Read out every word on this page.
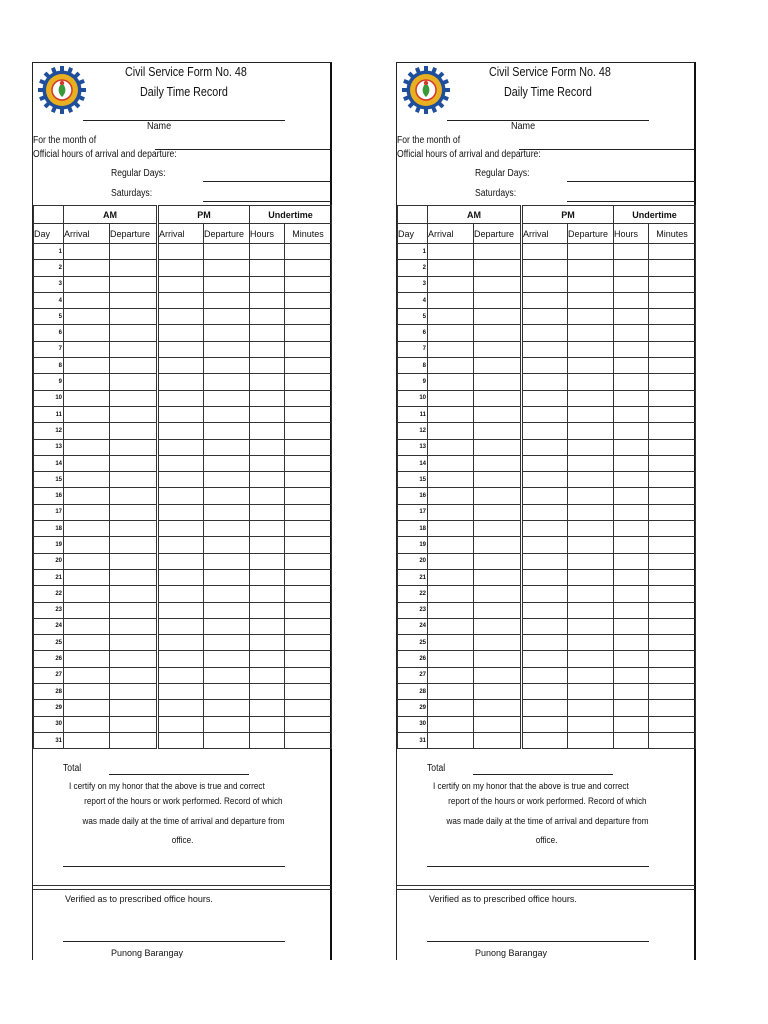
Civil Service Form No. 48
Daily Time Record
Name
For the month of
Official hours of arrival and departure:
Regular Days:
Saturdays:
	AM		PM		Undertime	
Day	Arrival	Departure	Arrival	Departure	Hours	Minutes
1						
2						
3						
4						
5						
6						
7						
8						
9						
10						
11						
12						
13						
14						
15						
16						
17						
18						
19						
20						
21						
22						
23						
24						
25						
26						
27						
28						
29						
30						
31						
Total
I certify on my honor that the above is true and correct
report of the hours or work performed. Record of which
was made daily at the time of arrival and departure from
office.
Verified as to prescribed office hours.
Punong Barangay
Civil Service Form No. 48
Daily Time Record
Name
For the month of
Official hours of arrival and departure:
Regular Days:
Saturdays:
	AM		PM		Undertime	
Day	Arrival	Departure	Arrival	Departure	Hours	Minutes
1						
2						
3						
4						
5						
6						
7						
8						
9						
10						
11						
12						
13						
14						
15						
16						
17						
18						
19						
20						
21						
22						
23						
24						
25						
26						
27						
28						
29						
30						
31						
Total
I certify on my honor that the above is true and correct
report of the hours or work performed. Record of which
was made daily at the time of arrival and departure from
office.
Verified as to prescribed office hours.
Punong Barangay
